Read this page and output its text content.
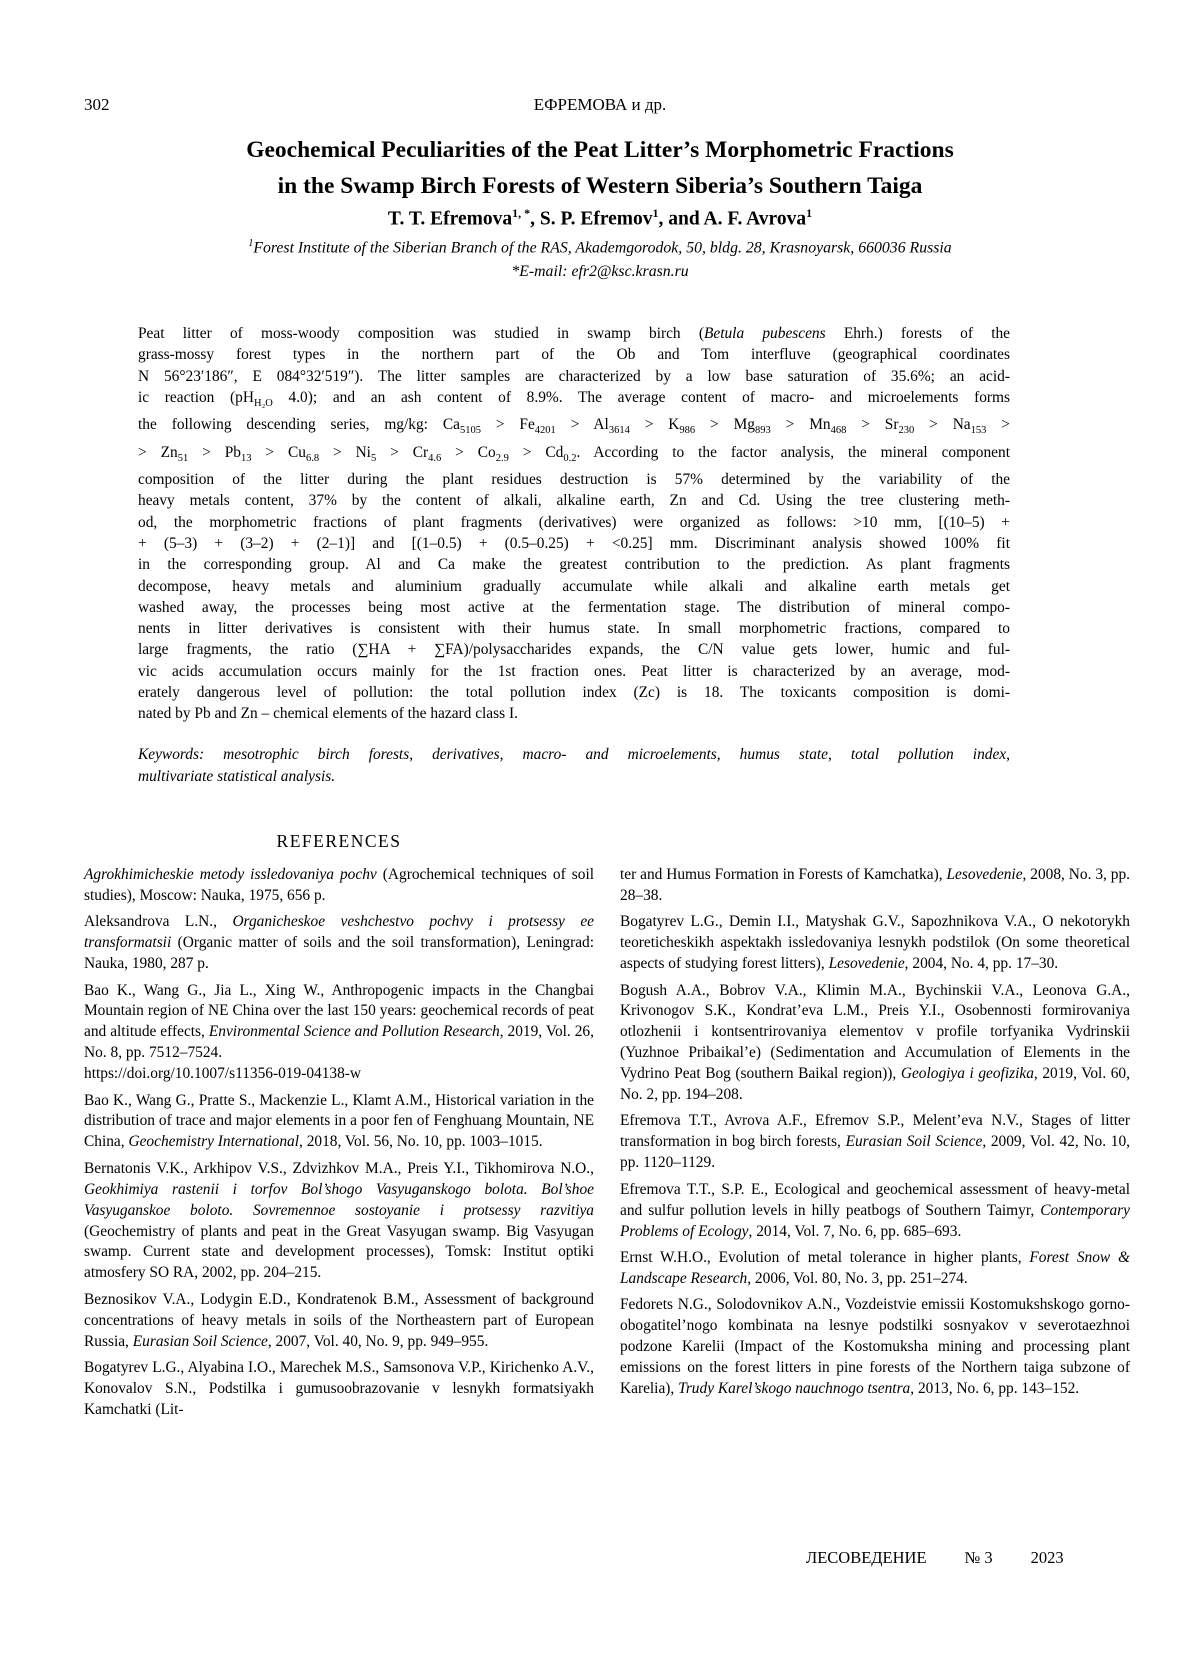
302	ЕФРЕМОВА и др.
Geochemical Peculiarities of the Peat Litter’s Morphometric Fractions
in the Swamp Birch Forests of Western Siberia’s Southern Taiga
T. T. Efremova$^{1, *}$, S. P. Efremov$^1$, and A. F. Avrova$^1$
$^1$Forest Institute of the Siberian Branch of the RAS, Akademgorodok, 50, bldg. 28, Krasnoyarsk, 660036 Russia
*E-mail: efr2@ksc.krasn.ru
Peat litter of moss-woody composition was studied in swamp birch (Betula pubescens Ehrh.) forests of the
grass-mossy forest types in the northern part of the Ob and Tom interfluve (geographical coordinates
N 56°23′186″, E 084°32′519″). The litter samples are characterized by a low base saturation of 35.6%; an acid-
ic reaction ($pH_{H_2O}$ 4.0); and an ash content of 8.9%. The average content of macro- and microelements forms
the following descending series, mg/kg: $Ca_{5105} > Fe_{4201} > Al_{3614} > K_{986} > Mg_{893} > Mn_{468} > Sr_{230} > Na_{153}$ >
> $Zn_{51} > Pb_{13} > Cu_{6.8} > Ni_5 > Cr_{4.6} > Co_{2.9} > Cd_{0.2}$. According to the factor analysis, the mineral component
composition of the litter during the plant residues destruction is 57% determined by the variability of the
heavy metals content, 37% by the content of alkali, alkaline earth, Zn and Cd. Using the tree clustering meth-
od, the morphometric fractions of plant fragments (derivatives) were organized as follows: >10 mm, [(10–5) +
+ (5–3) + (3–2) + (2–1)] and [(1–0.5) + (0.5–0.25) + <0.25] mm. Discriminant analysis showed 100% fit
in the corresponding group. Al and Ca make the greatest contribution to the prediction. As plant fragments
decompose, heavy metals and aluminium gradually accumulate while alkali and alkaline earth metals get
washed away, the processes being most active at the fermentation stage. The distribution of mineral compo-
nents in litter derivatives is consistent with their humus state. In small morphometric fractions, compared to
large fragments, the ratio (∑HA + ∑FA)/polysaccharides expands, the C/N value gets lower, humic and ful-
vic acids accumulation occurs mainly for the 1st fraction ones. Peat litter is characterized by an average, mod-
erately dangerous level of pollution: the total pollution index (Zc) is 18. The toxicants composition is domi-
nated by Pb and Zn – chemical elements of the hazard class I.
Keywords: mesotrophic birch forests, derivatives, macro- and microelements, humus state, total pollution index,
multivariate statistical analysis.
REFERENCES

Agrokhimicheskie metody issledovaniya pochv (Agrochemical techniques of soil studies), Moscow: Nauka, 1975, 656 p.

Aleksandrova L.N., Organicheskoe veshchestvo pochvy i protsessy ee transformatsii (Organic matter of soils and the soil transformation), Leningrad: Nauka, 1980, 287 p.

Bao K., Wang G., Jia L., Xing W., Anthropogenic impacts in the Changbai Mountain region of NE China over the last 150 years: geochemical records of peat and altitude effects, Environmental Science and Pollution Research, 2019, Vol. 26, No. 8, pp. 7512–7524.
https://doi.org/10.1007/s11356-019-04138-w

Bao K., Wang G., Pratte S., Mackenzie L., Klamt A.M., Historical variation in the distribution of trace and major elements in a poor fen of Fenghuang Mountain, NE China, Geochemistry International, 2018, Vol. 56, No. 10, pp. 1003–1015.

Bernatonis V.K., Arkhipov V.S., Zdvizhkov M.A., Preis Y.I., Tikhomirova N.O., Geokhimiya rastenii i torfov Bol’shogo Vasyuganskogo bolota. Bol’shoe Vasyuganskoe boloto. Sovremennoe sostoyanie i protsessy razvitiya (Geochemistry of plants and peat in the Great Vasyugan swamp. Big Vasyugan swamp. Current state and development processes), Tomsk: Institut optiki atmosfery SO RA, 2002, pp. 204–215.

Beznosikov V.A., Lodygin E.D., Kondratenok B.M., Assessment of background concentrations of heavy metals in soils of the Northeastern part of European Russia, Eurasian Soil Science, 2007, Vol. 40, No. 9, pp. 949–955.

Bogatyrev L.G., Alyabina I.O., Marechek M.S., Samsonova V.P., Kirichenko A.V., Konovalov S.N., Podstilka i gumusoobrazovanie v lesnykh formatsiyakh Kamchatki (Lit-

ter and Humus Formation in Forests of Kamchatka), Lesovedenie, 2008, No. 3, pp. 28–38.

Bogatyrev L.G., Demin I.I., Matyshak G.V., Sapozhnikova V.A., O nekotorykh teoreticheskikh aspektakh issledovaniya lesnykh podstilok (On some theoretical aspects of studying forest litters), Lesovedenie, 2004, No. 4, pp. 17–30.

Bogush A.A., Bobrov V.A., Klimin M.A., Bychinskii V.A., Leonova G.A., Krivonogov S.K., Kondrat’eva L.M., Preis Y.I., Osobennosti formirovaniya otlozhenii i kontsentrirovaniya elementov v profile torfyanika Vydrinskii (Yuzhnoe Pribaikal’e) (Sedimentation and Accumulation of Elements in the Vydrino Peat Bog (southern Baikal region)), Geologiya i geofizika, 2019, Vol. 60, No. 2, pp. 194–208.

Efremova T.T., Avrova A.F., Efremov S.P., Melent’eva N.V., Stages of litter transformation in bog birch forests, Eurasian Soil Science, 2009, Vol. 42, No. 10, pp. 1120–1129.

Efremova T.T., S.P. E., Ecological and geochemical assessment of heavy-metal and sulfur pollution levels in hilly peatbogs of Southern Taimyr, Contemporary Problems of Ecology, 2014, Vol. 7, No. 6, pp. 685–693.

Ernst W.H.O., Evolution of metal tolerance in higher plants, Forest Snow & Landscape Research, 2006, Vol. 80, No. 3, pp. 251–274.

Fedorets N.G., Solodovnikov A.N., Vozdeistvie emissii Kostomukshskogo gorno-obogatitel’nogo kombinata na lesnye podstilki sosnyakov v severotaezhnoi podzone Karelii (Impact of the Kostomuksha mining and processing plant emissions on the forest litters in pine forests of the Northern taiga subzone of Karelia), Trudy Karel’skogo nauchnogo tsentra, 2013, No. 6, pp. 143–152.

ЛЕСОВЕДЕНИЕ № 3 2023
